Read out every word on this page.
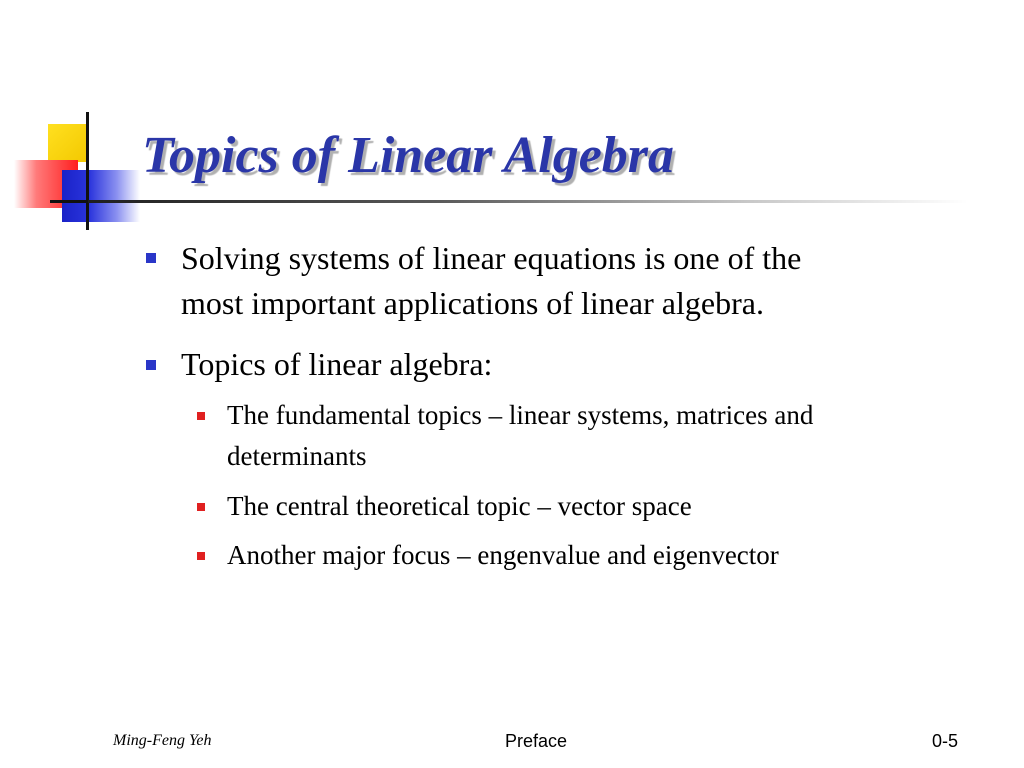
Topics of Linear Algebra
Solving systems of linear equations is one of the
most important applications of linear algebra.
Topics of linear algebra:
The fundamental topics – linear systems, matrices and
determinants
The central theoretical topic – vector space
Another major focus – engenvalue and eigenvector
Ming-Feng Yeh	Preface	0-5
